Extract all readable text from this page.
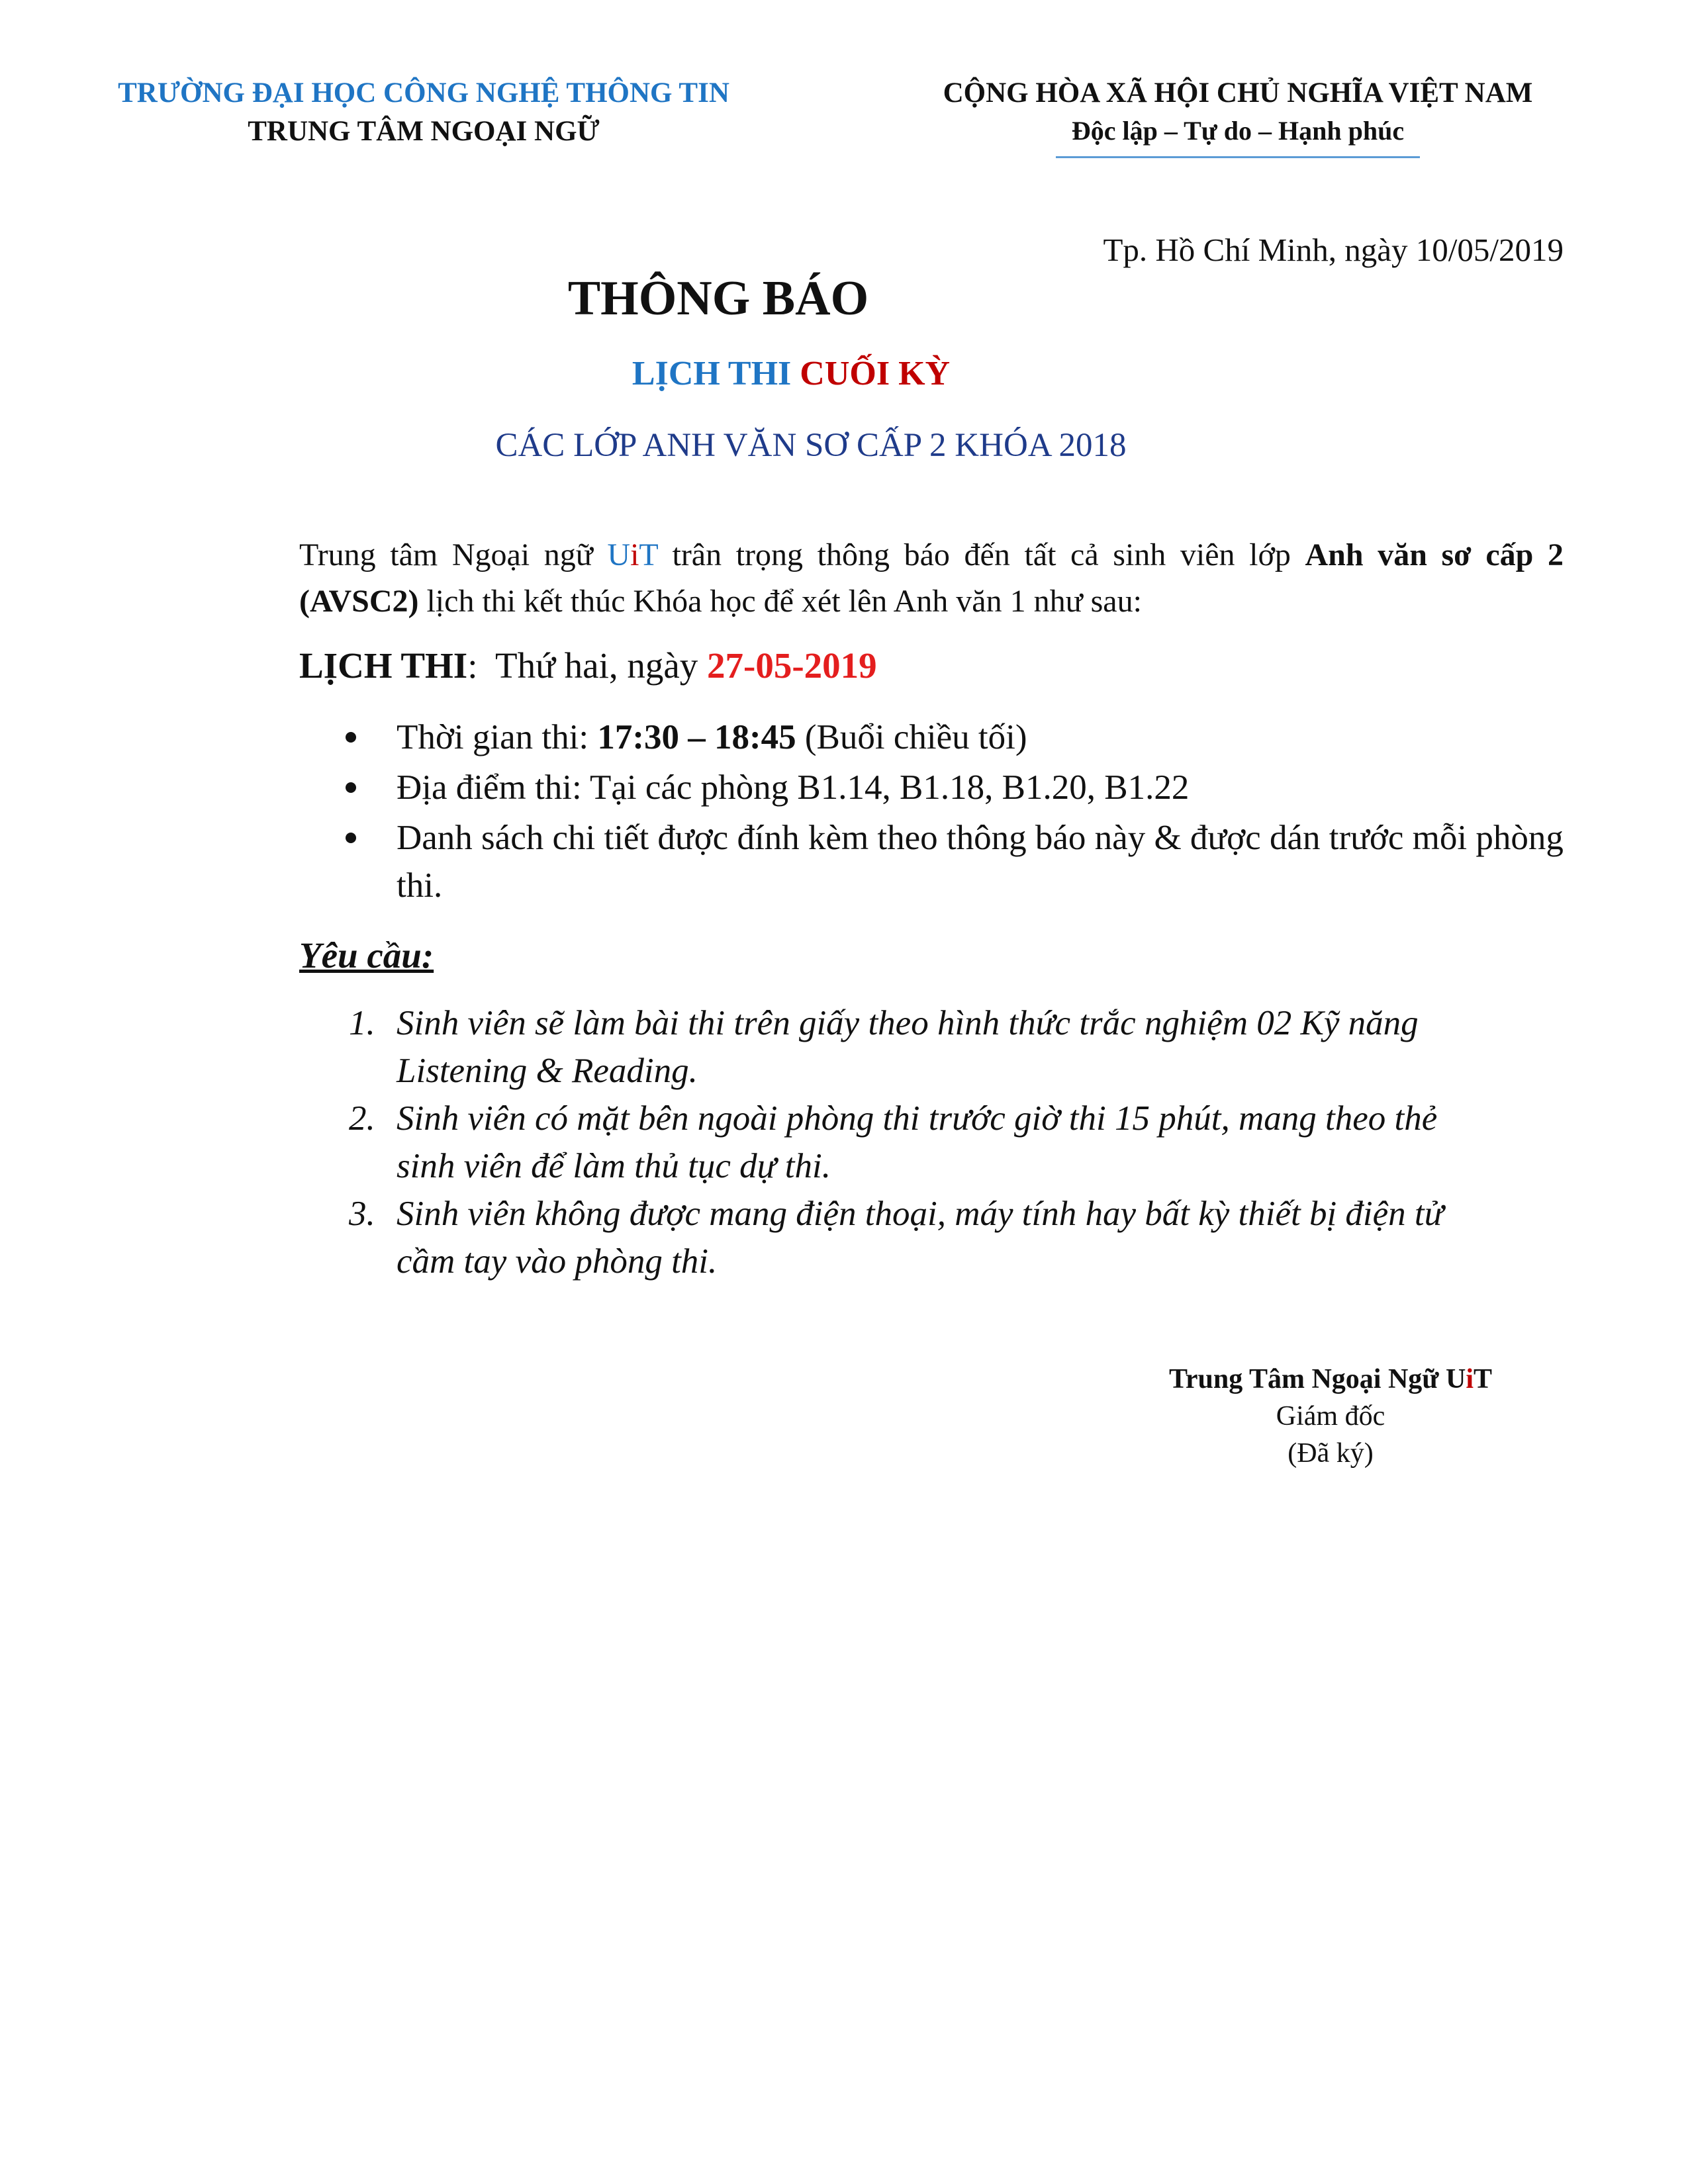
TRƯỜNG ĐẠI HỌC CÔNG NGHỆ THÔNG TIN
TRUNG TÂM NGOẠI NGỮ
CỘNG HÒA XÃ HỘI CHỦ NGHĨA VIỆT NAM
Độc lập – Tự do – Hạnh phúc
Tp. Hồ Chí Minh, ngày 10/05/2019
THÔNG BÁO
LỊCH THI CUỐI KỲ
CÁC LỚP ANH VĂN SƠ CẤP 2 KHÓA 2018
Trung tâm Ngoại ngữ UiT trân trọng thông báo đến tất cả sinh viên lớp Anh văn sơ cấp 2 (AVSC2) lịch thi kết thúc Khóa học để xét lên Anh văn 1 như sau:
LỊCH THI: Thứ hai, ngày 27-05-2019
Thời gian thi: 17:30 – 18:45 (Buổi chiều tối)
Địa điểm thi: Tại các phòng B1.14, B1.18, B1.20, B1.22
Danh sách chi tiết được đính kèm theo thông báo này & được dán trước mỗi phòng thi.
Yêu cầu:
1. Sinh viên sẽ làm bài thi trên giấy theo hình thức trắc nghiệm 02 Kỹ năng Listening & Reading.
2. Sinh viên có mặt bên ngoài phòng thi trước giờ thi 15 phút, mang theo thẻ sinh viên để làm thủ tục dự thi.
3. Sinh viên không được mang điện thoại, máy tính hay bất kỳ thiết bị điện tử cầm tay vào phòng thi.
Trung Tâm Ngoại Ngữ UiT
Giám đốc
(Đã ký)
